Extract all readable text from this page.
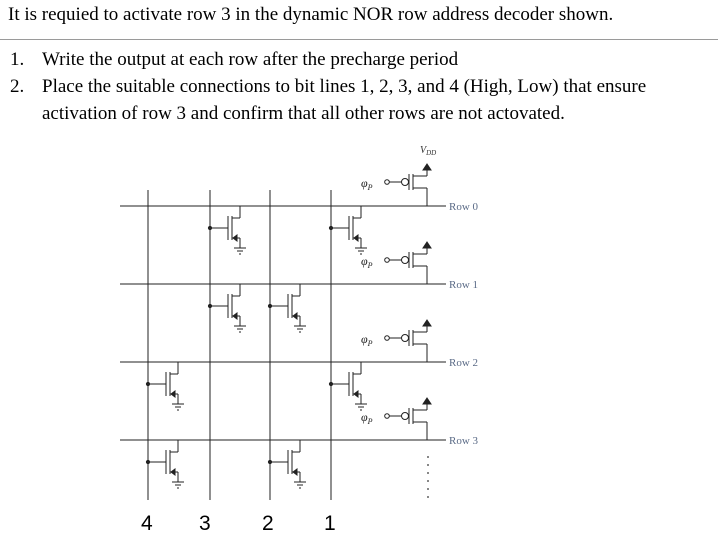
It is requied to activate row 3 in the dynamic NOR row address decoder shown.

1. Write the output at each row after the precharge period
2. Place the suitable connections to bit lines 1, 2, 3, and 4 (High, Low) that ensure activation of row 3 and confirm that all other rows are not actovated.
$\varphi_P$
$\varphi_P$
$\varphi_P$
$\varphi_P$
$V_{DD}$
Row 0
Row 1
Row 2
Row 3
4 3 2 1
